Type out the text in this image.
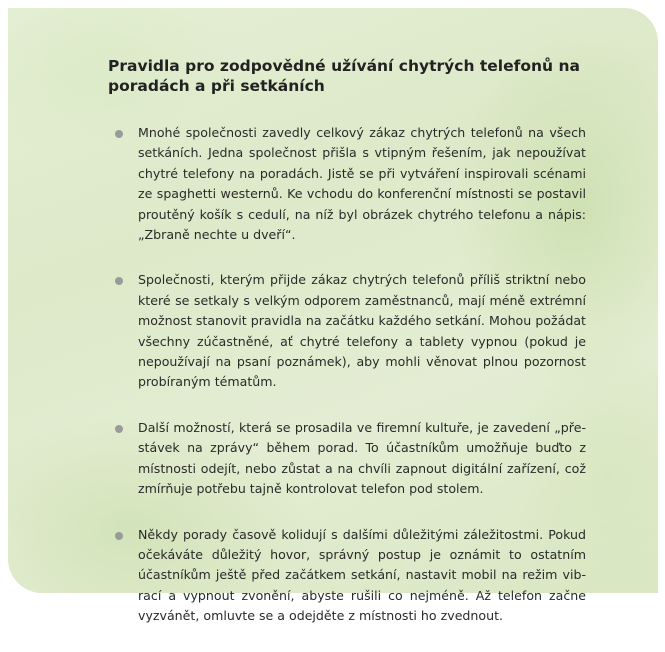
Pravidla pro zodpovědné užívání chytrých telefonů na poradách a při setkáních
Mnohé společnosti zavedly celkový zákaz chytrých telefonů na všech setkáních. Jedna společnost přišla s vtipným řešením, jak nepoužívat chytré telefony na poradách. Jistě se při vytváření inspirovali scénami ze spaghetti westernů. Ke vchodu do konferenční místnosti se postavil proutěný košík s cedulí, na níž byl obrázek chytrého telefonu a nápis: „Zbraně nechte u dveří“.
Společnosti, kterým přijde zákaz chytrých telefonů příliš striktní nebo které se setkaly s velkým odporem zaměstnanců, mají méně extrémní možnost stanovit pravidla na začátku každého setkání. Mohou požádat všechny zúčastněné, ať chytré telefony a tablety vypnou (pokud je nepoužívají na psaní poznámek), aby mohli věnovat plnou pozornost probíraným tématům.
Další možností, která se prosadila ve firemní kultuře, je zavedení „přestávek na zprávy“ během porad. To účastníkům umožňuje buďto z místnosti odejít, nebo zůstat a na chvíli zapnout digitální zařízení, což zmírňuje potřebu tajně kontrolovat telefon pod stolem.
Někdy porady časově kolidují s dalšími důležitými záležitostmi. Pokud očekáváte důležitý hovor, správný postup je oznámit to ostatním účastníkům ještě před začátkem setkání, nastavit mobil na režim vibrací a vypnout zvonění, abyste rušili co nejméně. Až telefon začne vyzvánět, omluvte se a odejděte z místnosti ho zvednout.
